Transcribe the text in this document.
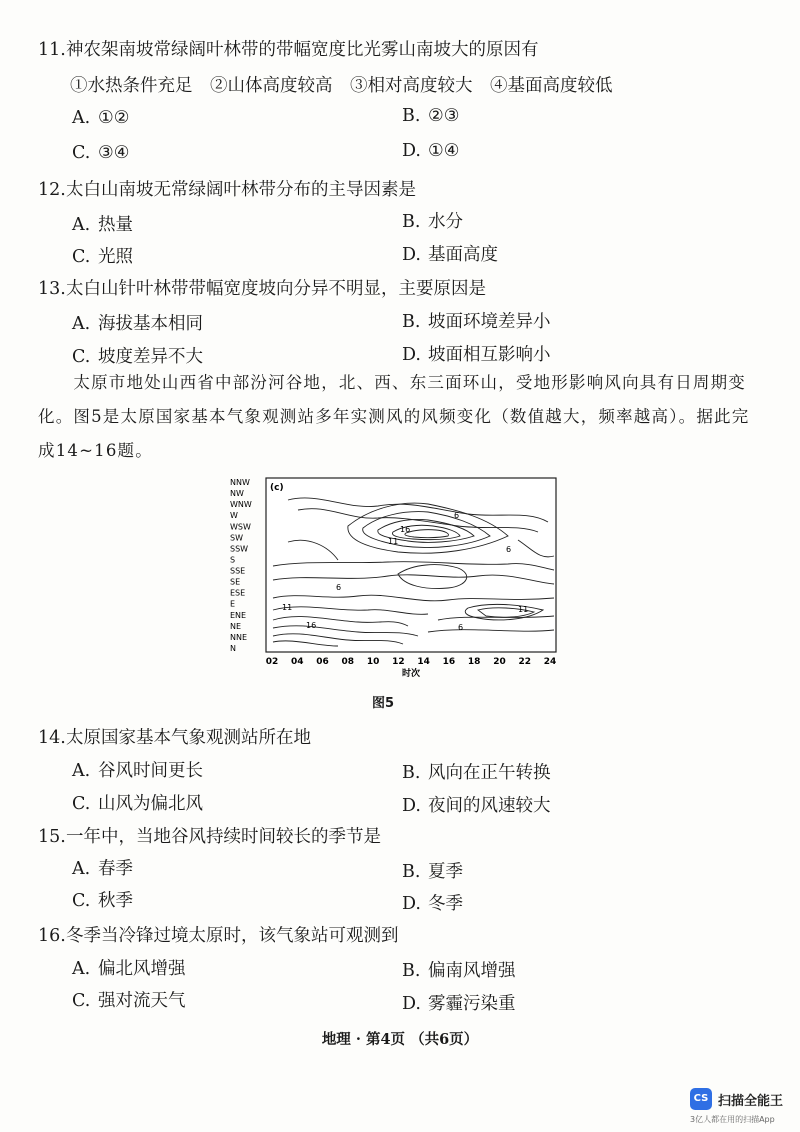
11.神农架南坡常绿阔叶林带的带幅宽度比光雾山南坡大的原因有
①水热条件充足　②山体高度较高　③相对高度较大　④基面高度较低
A. ①②	B. ②③
C. ③④	D. ①④
12.太白山南坡无常绿阔叶林带分布的主导因素是
A. 热量	B. 水分
C. 光照	D. 基面高度
13.太白山针叶林带带幅宽度坡向分异不明显，主要原因是
A. 海拔基本相同	B. 坡面环境差异小
C. 坡度差异不大	D. 坡面相互影响小
　　太原市地处山西省中部汾河谷地，北、西、东三面环山，受地形影响风向具有日周期变化。图5是太原国家基本气象观测站多年实测风的风频变化（数值越大，频率越高）。据此完成14~16题。
(c)
6
16
11
6
11
16	6
11
6
NNW
NW
WNW
W
WSW
SW
SSW
S
SSE
SE
ESE
E
ENE
NE
NNE
N
02 04 06 08 10 12 14 16 18 20 22 24
时次
图5
14.太原国家基本气象观测站所在地
A. 谷风时间更长	B. 风向在正午转换
C. 山风为偏北风	D. 夜间的风速较大
15.一年中，当地谷风持续时间较长的季节是
A. 春季	B. 夏季
C. 秋季	D. 冬季
16.冬季当冷锋过境太原时，该气象站可观测到
A. 偏北风增强	B. 偏南风增强
C. 强对流天气	D. 雾霾污染重
地理 · 第4页 （共6页）
CS 扫描全能王
3亿人都在用的扫描App
